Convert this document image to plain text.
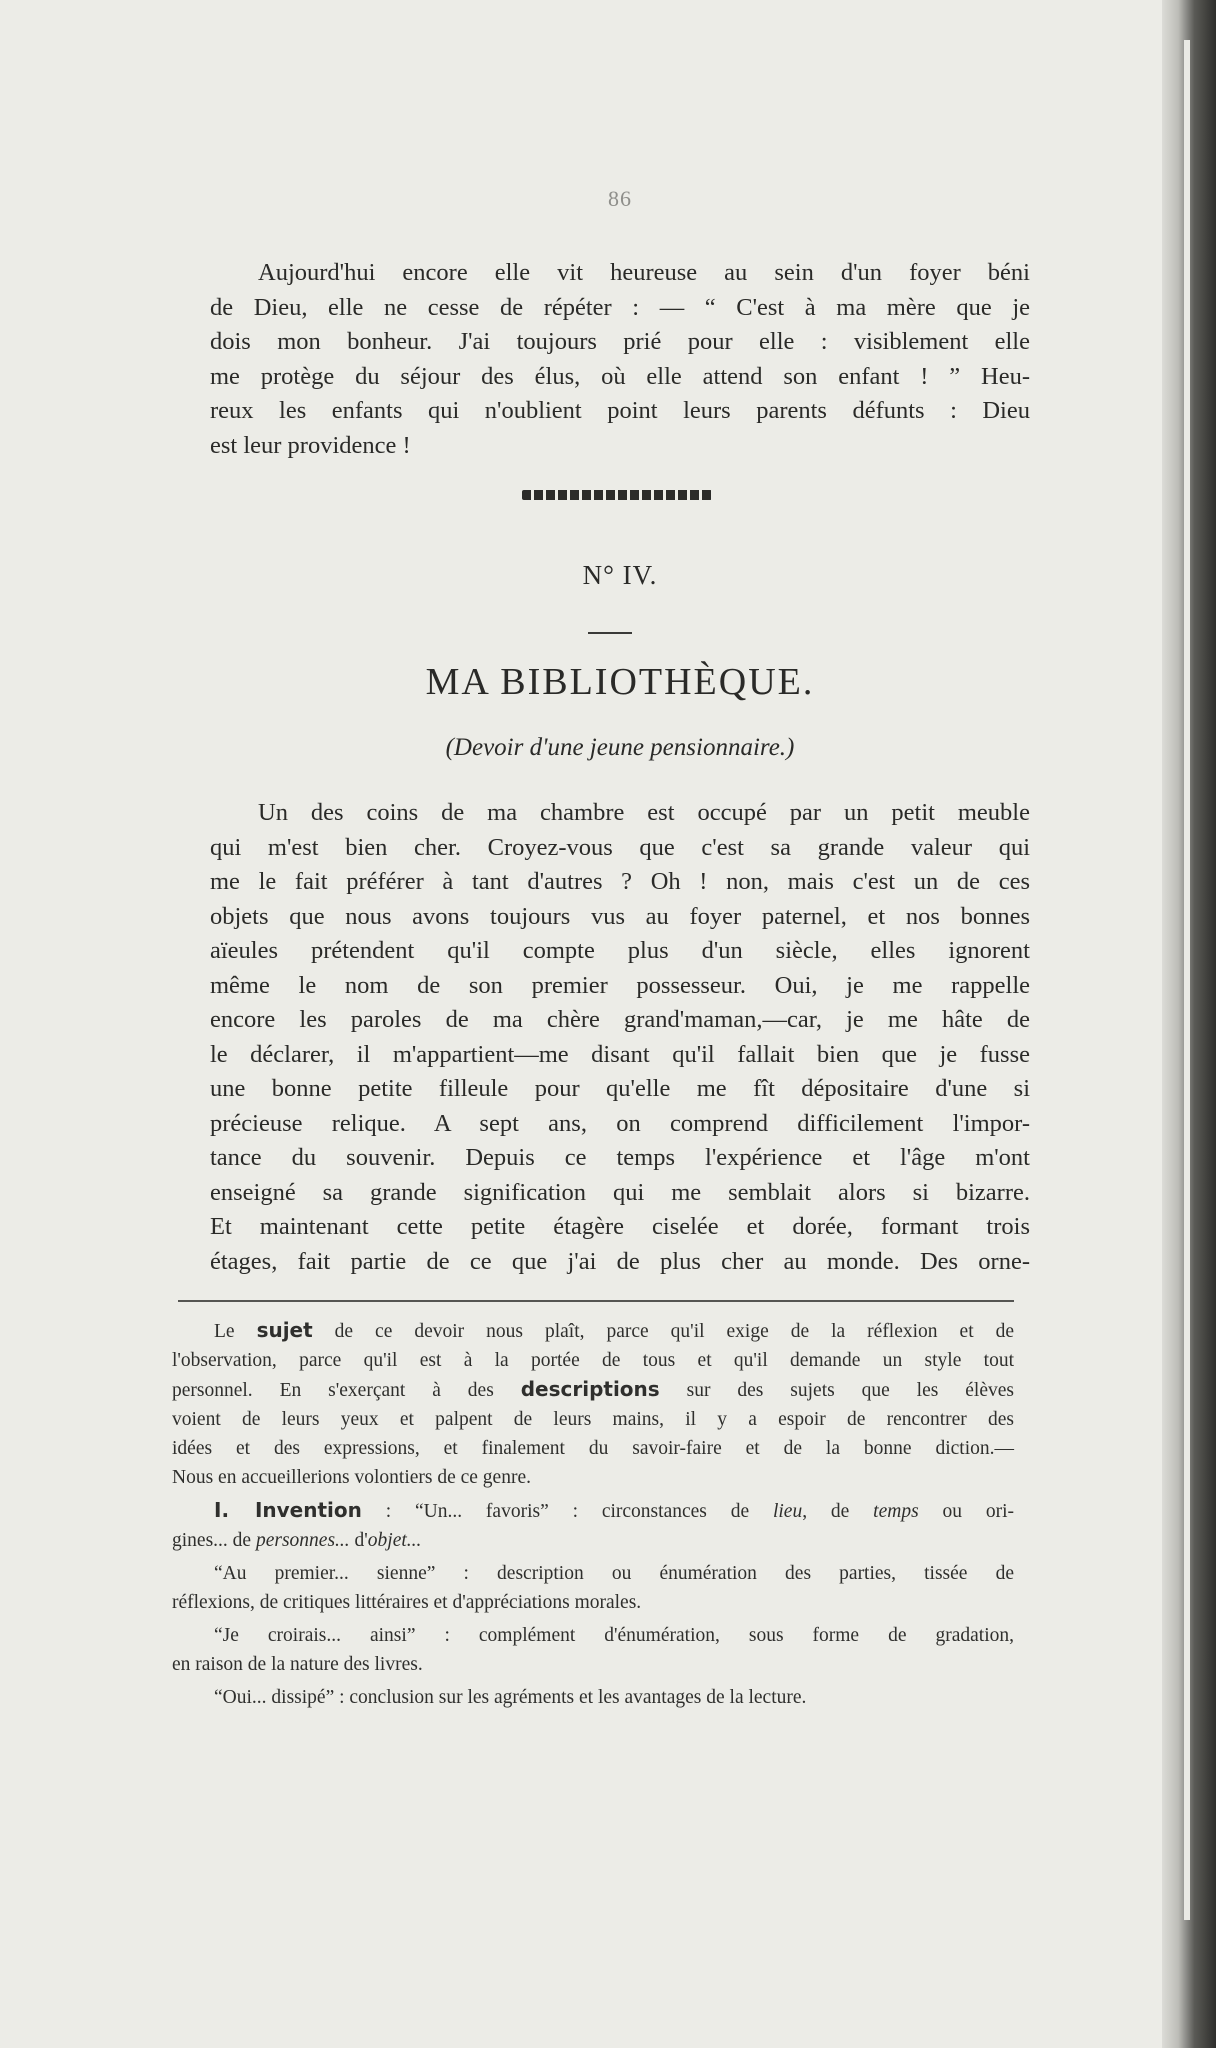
86
Aujourd'hui encore elle vit heureuse au sein d'un foyer béni
de Dieu, elle ne cesse de répéter : — “ C'est à ma mère que je
dois mon bonheur. J'ai toujours prié pour elle : visiblement elle
me protège du séjour des élus, où elle attend son enfant ! ” Heu-
reux les enfants qui n'oublient point leurs parents défunts : Dieu
est leur providence !
N° IV.
MA BIBLIOTHÈQUE.
(Devoir d'une jeune pensionnaire.)
Un des coins de ma chambre est occupé par un petit meuble
qui m'est bien cher. Croyez-vous que c'est sa grande valeur qui
me le fait préférer à tant d'autres ? Oh ! non, mais c'est un de ces
objets que nous avons toujours vus au foyer paternel, et nos bonnes
aïeules prétendent qu'il compte plus d'un siècle, elles ignorent
même le nom de son premier possesseur. Oui, je me rappelle
encore les paroles de ma chère grand'maman,—car, je me hâte de
le déclarer, il m'appartient—me disant qu'il fallait bien que je fusse
une bonne petite filleule pour qu'elle me fît dépositaire d'une si
précieuse relique. A sept ans, on comprend difficilement l'impor-
tance du souvenir. Depuis ce temps l'expérience et l'âge m'ont
enseigné sa grande signification qui me semblait alors si bizarre.
Et maintenant cette petite étagère ciselée et dorée, formant trois
étages, fait partie de ce que j'ai de plus cher au monde. Des orne-

Le sujet de ce devoir nous plaît, parce qu'il exige de la réflexion et de
l'observation, parce qu'il est à la portée de tous et qu'il demande un style tout
personnel. En s'exerçant à des descriptions sur des sujets que les élèves
voient de leurs yeux et palpent de leurs mains, il y a espoir de rencontrer des
idées et des expressions, et finalement du savoir-faire et de la bonne diction.—
Nous en accueillerions volontiers de ce genre.

I. Invention : “Un... favoris” : circonstances de lieu, de temps ou ori-
gines... de personnes... d'objet...

“Au premier... sienne” : description ou énumération des parties, tissée de
réflexions, de critiques littéraires et d'appréciations morales.

“Je croirais... ainsi” : complément d'énumération, sous forme de gradation,
en raison de la nature des livres.

“Oui... dissipé” : conclusion sur les agréments et les avantages de la lecture.
